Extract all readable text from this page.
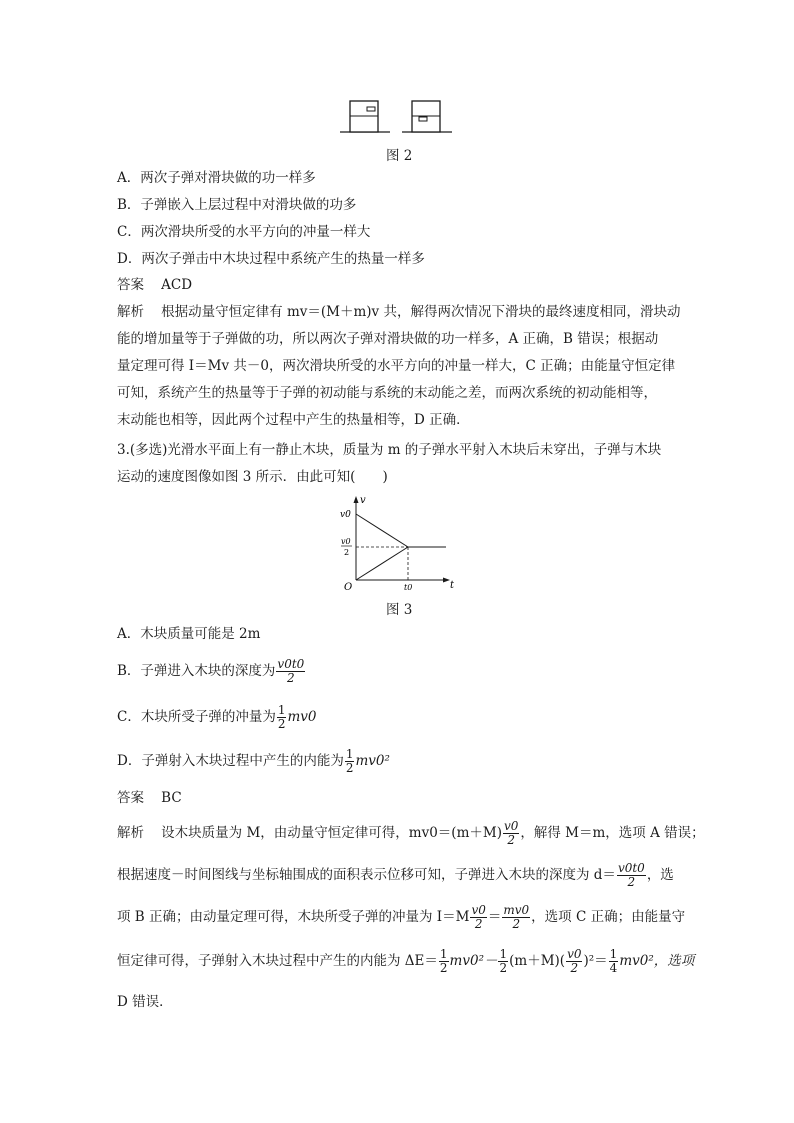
图 2
A．两次子弹对滑块做的功一样多
B．子弹嵌入上层过程中对滑块做的功多
C．两次滑块所受的水平方向的冲量一样大
D．两次子弹击中木块过程中系统产生的热量一样多
答案 ACD
解析 根据动量守恒定律有 mv＝(M＋m)v 共，解得两次情况下滑块的最终速度相同，滑块动
能的增加量等于子弹做的功，所以两次子弹对滑块做的功一样多，A 正确，B 错误；根据动
量定理可得 I＝Mv 共－0，两次滑块所受的水平方向的冲量一样大，C 正确；由能量守恒定律
可知，系统产生的热量等于子弹的初动能与系统的末动能之差，而两次系统的初动能相等，
末动能也相等，因此两个过程中产生的热量相等，D 正确．
3.(多选)光滑水平面上有一静止木块，质量为 m 的子弹水平射入木块后未穿出，子弹与木块
运动的速度图像如图 3 所示．由此可知(　　)
v
t
O
v0
v0
2
t0
图 3
A．木块质量可能是 2m
B．子弹进入木块的深度为 $\frac{v0t0}{2}$
C．木块所受子弹的冲量为 $\frac{1}{2} mv0$
D．子弹射入木块过程中产生的内能为 $\frac{1}{2} mv0^2$
答案 BC
解析 设木块质量为 M，由动量守恒定律可得，$mv0=(m+M) \frac{v0}{2}$ ，解得 M＝m，选项 A 错误；
根据速度－时间图线与坐标轴围成的面积表示位移可知，子弹进入木块的深度为 $d= \frac{v0t0}{2}$ ，选
项 B 正确；由动量定理可得，木块所受子弹的冲量为 $I=M \frac{v0}{2} = \frac{mv0}{2}$ ，选项 C 正确；由能量守
恒定律可得，子弹射入木块过程中产生的内能为 $\Delta E= \frac{1}{2} mv0^2- \frac{1}{2} (m+M)( \frac{v0}{2} )^2= \frac{1}{4} mv0^2$，选项
D 错误．
